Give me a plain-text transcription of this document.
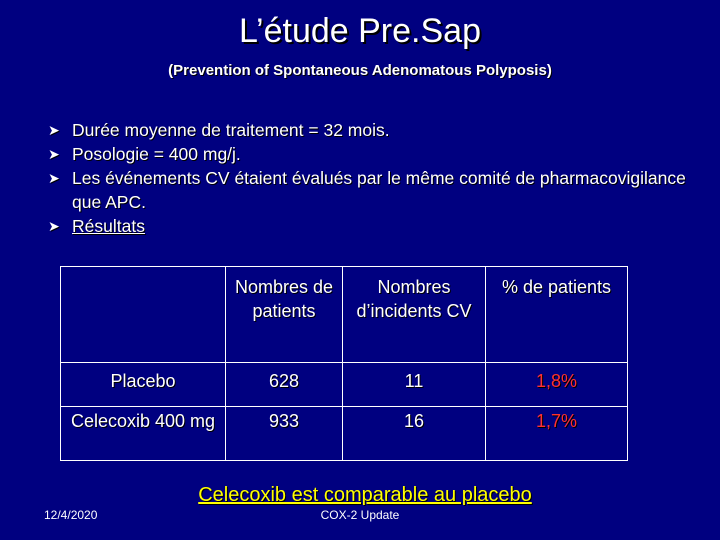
L’étude Pre.Sap
(Prevention of Spontaneous Adenomatous Polyposis)
➤ Durée moyenne de traitement = 32 mois.
➤ Posologie = 400 mg/j.
➤ Les événements CV étaient évalués par le même comité de pharmacovigilance que APC.
➤ Résultats
	Nombres de patients	Nombres d’incidents CV	% de patients
Placebo	628	11	1,8%
Celecoxib 400 mg	933	16	1,7%
Celecoxib est comparable au placebo
12/4/2020	COX-2 Update
